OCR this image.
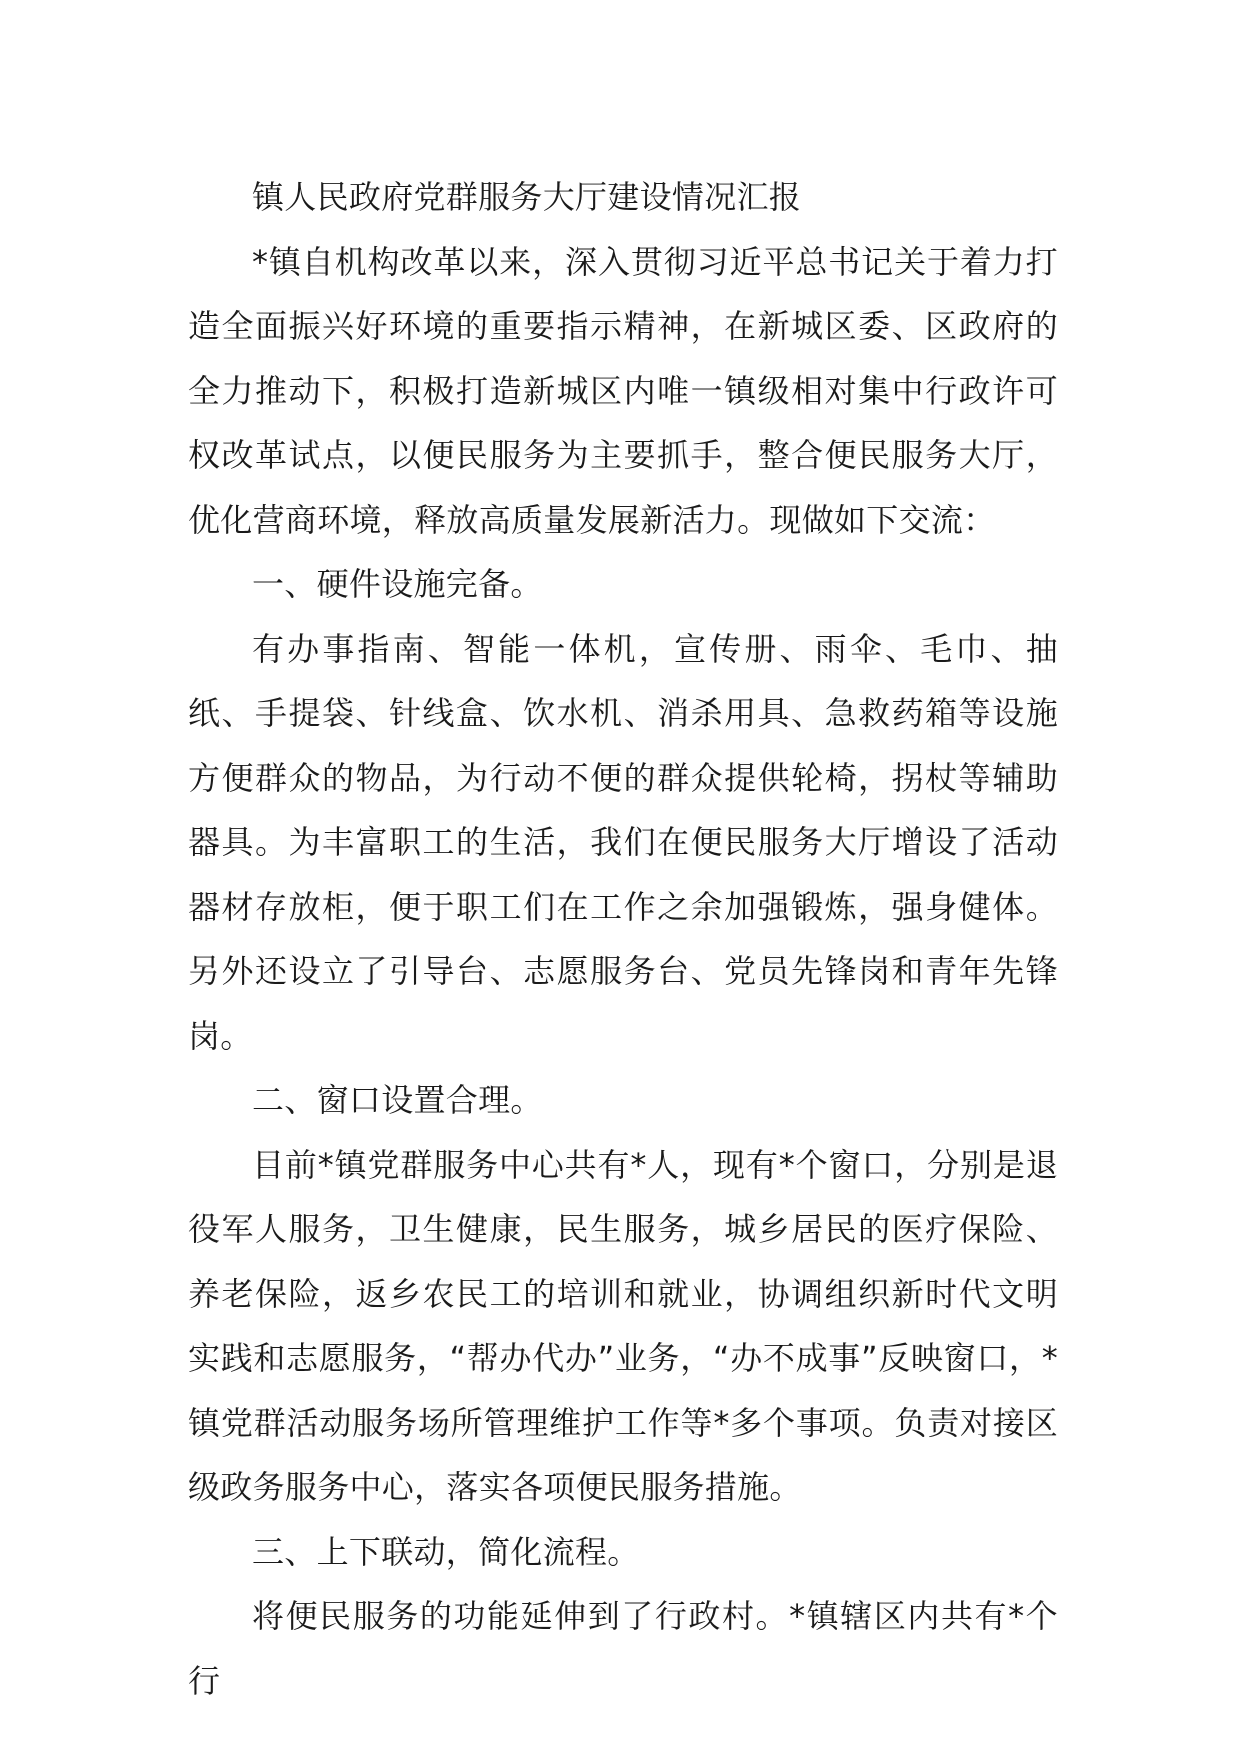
镇人民政府党群服务大厅建设情况汇报

*镇自机构改革以来，深入贯彻习近平总书记关于着力打造全面振兴好环境的重要指示精神，在新城区委、区政府的全力推动下，积极打造新城区内唯一镇级相对集中行政许可权改革试点，以便民服务为主要抓手，整合便民服务大厅，优化营商环境，释放高质量发展新活力。现做如下交流：

一、硬件设施完备。

有办事指南、智能一体机，宣传册、雨伞、毛巾、抽纸、手提袋、针线盒、饮水机、消杀用具、急救药箱等设施方便群众的物品，为行动不便的群众提供轮椅，拐杖等辅助器具。为丰富职工的生活，我们在便民服务大厅增设了活动器材存放柜，便于职工们在工作之余加强锻炼，强身健体。另外还设立了引导台、志愿服务台、党员先锋岗和青年先锋岗。

二、窗口设置合理。

目前*镇党群服务中心共有*人，现有*个窗口，分别是退役军人服务，卫生健康，民生服务，城乡居民的医疗保险、养老保险，返乡农民工的培训和就业，协调组织新时代文明实践和志愿服务，“帮办代办”业务，“办不成事”反映窗口，*镇党群活动服务场所管理维护工作等*多个事项。负责对接区级政务服务中心，落实各项便民服务措施。

三、上下联动，简化流程。

将便民服务的功能延伸到了行政村。*镇辖区内共有*个行
